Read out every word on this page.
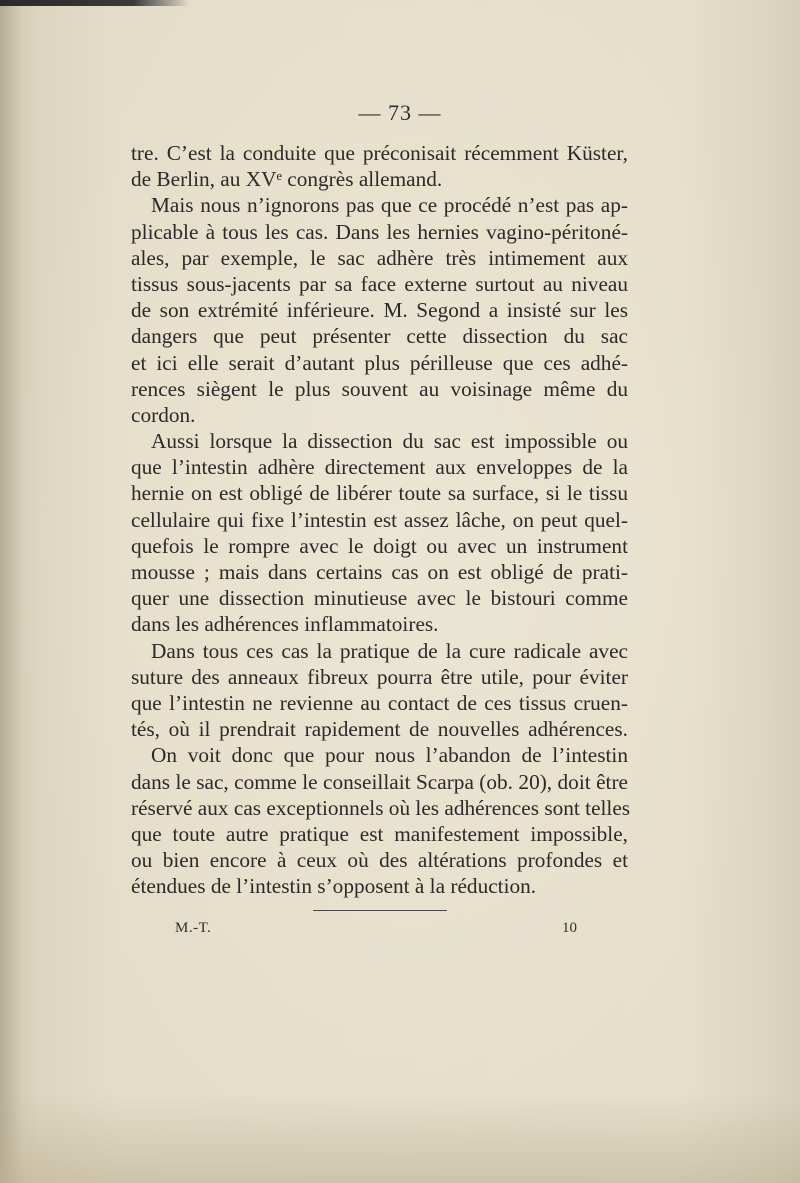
— 73 —
tre. C’est la conduite que préconisait récemment Küster,
de Berlin, au XVᵉ congrès allemand.
Mais nous n’ignorons pas que ce procédé n’est pas ap-
plicable à tous les cas. Dans les hernies vagino-péritoné-
ales, par exemple, le sac adhère très intimement aux
tissus sous-jacents par sa face externe surtout au niveau
de son extrémité inférieure. M. Segond a insisté sur les
dangers que peut présenter cette dissection du sac
et ici elle serait d’autant plus périlleuse que ces adhé-
rences siègent le plus souvent au voisinage même du
cordon.
Aussi lorsque la dissection du sac est impossible ou
que l’intestin adhère directement aux enveloppes de la
hernie on est obligé de libérer toute sa surface, si le tissu
cellulaire qui fixe l’intestin est assez lâche, on peut quel-
quefois le rompre avec le doigt ou avec un instrument
mousse ; mais dans certains cas on est obligé de prati-
quer une dissection minutieuse avec le bistouri comme
dans les adhérences inflammatoires.
Dans tous ces cas la pratique de la cure radicale avec
suture des anneaux fibreux pourra être utile, pour éviter
que l’intestin ne revienne au contact de ces tissus cruen-
tés, où il prendrait rapidement de nouvelles adhérences.
On voit donc que pour nous l’abandon de l’intestin
dans le sac, comme le conseillait Scarpa (ob. 20), doit être
réservé aux cas exceptionnels où les adhérences sont telles
que toute autre pratique est manifestement impossible,
ou bien encore à ceux où des altérations profondes et
étendues de l’intestin s’opposent à la réduction.
M.-T.	10
